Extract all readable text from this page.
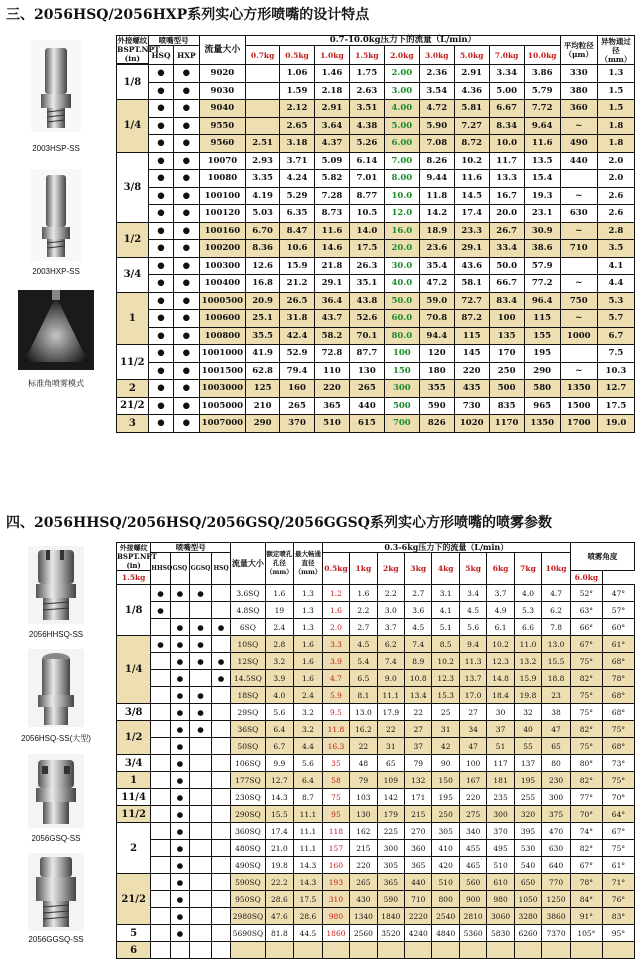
三、2056HSQ/2056HXP系列实心方形喷嘴的设计特点
2003HSP-SS
2003HXP-SS
标准角喷雾模式
外接螺纹 BSPT.NPT (in)	喷嘴型号		流量大小	0.7-10.0kg压力下的流量（L/min）									平均粒径 （μm）	异物通过径 （mm）
	HSQ	HXP		0.7kg	0.5kg	1.0kg	1.5kg	2.0kg	3.0kg	5.0kg	7.0kg	10.0kg		

1/8	●	●	9020		1.06	1.46	1.75	2.00	2.36	2.91	3.34	3.86	330	1.3
	●	●	9030		1.59	2.18	2.63	3.00	3.54	4.36	5.00	5.79	380	1.5
1/4	●	●	9040		2.12	2.91	3.51	4.00	4.72	5.81	6.67	7.72	360	1.5
	●	●	9550		2.65	3.64	4.38	5.00	5.90	7.27	8.34	9.64	~	1.8
	●	●	9560	2.51	3.18	4.37	5.26	6.00	7.08	8.72	10.0	11.6	490	1.8
3/8	●	●	10070	2.93	3.71	5.09	6.14	7.00	8.26	10.2	11.7	13.5	440	2.0
	●	●	10080	3.35	4.24	5.82	7.01	8.00	9.44	11.6	13.3	15.4		2.0
	●	●	100100	4.19	5.29	7.28	8.77	10.0	11.8	14.5	16.7	19.3	~	2.6
	●	●	100120	5.03	6.35	8.73	10.5	12.0	14.2	17.4	20.0	23.1	630	2.6
1/2	●	●	100160	6.70	8.47	11.6	14.0	16.0	18.9	23.3	26.7	30.9	~	2.8
	●	●	100200	8.36	10.6	14.6	17.5	20.0	23.6	29.1	33.4	38.6	710	3.5
3/4	●	●	100300	12.6	15.9	21.8	26.3	30.0	35.4	43.6	50.0	57.9		4.1
	●	●	100400	16.8	21.2	29.1	35.1	40.0	47.2	58.1	66.7	77.2	~	4.4
1	●	●	1000500	20.9	26.5	36.4	43.8	50.0	59.0	72.7	83.4	96.4	750	5.3
	●	●	100600	25.1	31.8	43.7	52.6	60.0	70.8	87.2	100	115	~	5.7
	●	●	100800	35.5	42.4	58.2	70.1	80.0	94.4	115	135	155	1000	6.7
11/2	●	●	1001000	41.9	52.9	72.8	87.7	100	120	145	170	195		7.5
	●	●	1001500	62.8	79.4	110	130	150	180	220	250	290	~	10.3
2	●	●	1003000	125	160	220	265	300	355	435	500	580	1350	12.7
21/2	●	●	1005000	210	265	365	440	500	590	730	835	965	1500	17.5
3	●	●	1007000	290	370	510	615	700	826	1020	1170	1350	1700	19.0
四、2056HHSQ/2056HSQ/2056GSQ/2056GGSQ系列实心方形喷嘴的喷雾参数
2056HHSQ-SS
2056HSQ-SS(大型)
2056GSQ-SS
2056GGSQ-SS
外接螺纹 BSPT.NPT (in)	喷嘴型号				流量大小	额定喷孔孔径 （mm）	最大畅通直径 （mm）	0.3-6kg压力下的流量（L/min）									喷雾角度	
	HHSQ	GSQ	GGSQ	HSQ				0.5kg	1kg	2kg	3kg	4kg	5kg	6kg	7kg	10kg		
1.5kg																	6.0kg	
1/8	●	●	●		3.6SQ	1.6	1.3	1.2	1.6	2.2	2.7	3.1	3.4	3.7	4.0	4.7	52°	47°
	●				4.8SQ	19	1.3	1.6	2.2	3.0	3.6	4.1	4.5	4.9	5.3	6.2	63°	57°
		●	●	●	6SQ	2.4	1.3	2.0	2.7	3.7	4.5	5.1	5.6	6.1	6.6	7.8	66°	60°
1/4	●	●	●		10SQ	2.8	1.6	3.3	4.5	6.2	7.4	8.5	9.4	10.2	11.0	13.0	67°	61°
		●	●	●	12SQ	3.2	1.6	3.9	5.4	7.4	8.9	10.2	11.3	12.3	13.2	15.5	75°	68°
		●		●	14.5SQ	3.9	1.6	4.7	6.5	9.0	10.8	12.3	13.7	14.8	15.9	18.8	82°	78°
		●	●		18SQ	4.0	2.4	5.9	8.1	11.1	13.4	15.3	17.0	18.4	19.8	23	75°	68°
3/8		●	●		29SQ	5.6	3.2	9.5	13.0	17.9	22	25	27	30	32	38	75°	68°
1/2		●	●		36SQ	6.4	3.2	11.8	16.2	22	27	31	34	37	40	47	82°	75°
		●			50SQ	6.7	4.4	16.3	22	31	37	42	47	51	55	65	75°	68°
3/4		●			106SQ	9.9	5.6	35	48	65	79	90	100	117	137	80	80°	73°
1		●			177SQ	12.7	6.4	58	79	109	132	150	167	181	195	230	82°	75°
11/4		●			230SQ	14.3	8.7	75	103	142	171	195	220	235	255	300	77°	70°
11/2		●			290SQ	15.5	11.1	95	130	179	215	250	275	300	320	375	70°	64°
2		●			360SQ	17.4	11.1	118	162	225	270	305	340	370	395	470	74°	67°
		●			480SQ	21.0	11.1	157	215	300	360	410	455	495	530	630	82°	75°
		●			490SQ	19.8	14.3	160	220	305	365	420	465	510	540	640	67°	61°
21/2		●			590SQ	22.2	14.3	193	265	365	440	510	560	610	650	770	78°	71°
		●			950SQ	28.6	17.5	310	430	590	710	800	900	980	1050	1250	84°	76°
		●			2980SQ	47.6	28.6	980	1340	1840	2220	2540	2810	3060	3280	3860	91°	83°
5		●			5690SQ	81.8	44.5	1860	2560	3520	4240	4840	5360	5830	6260	7370	105°	95°
6																		
